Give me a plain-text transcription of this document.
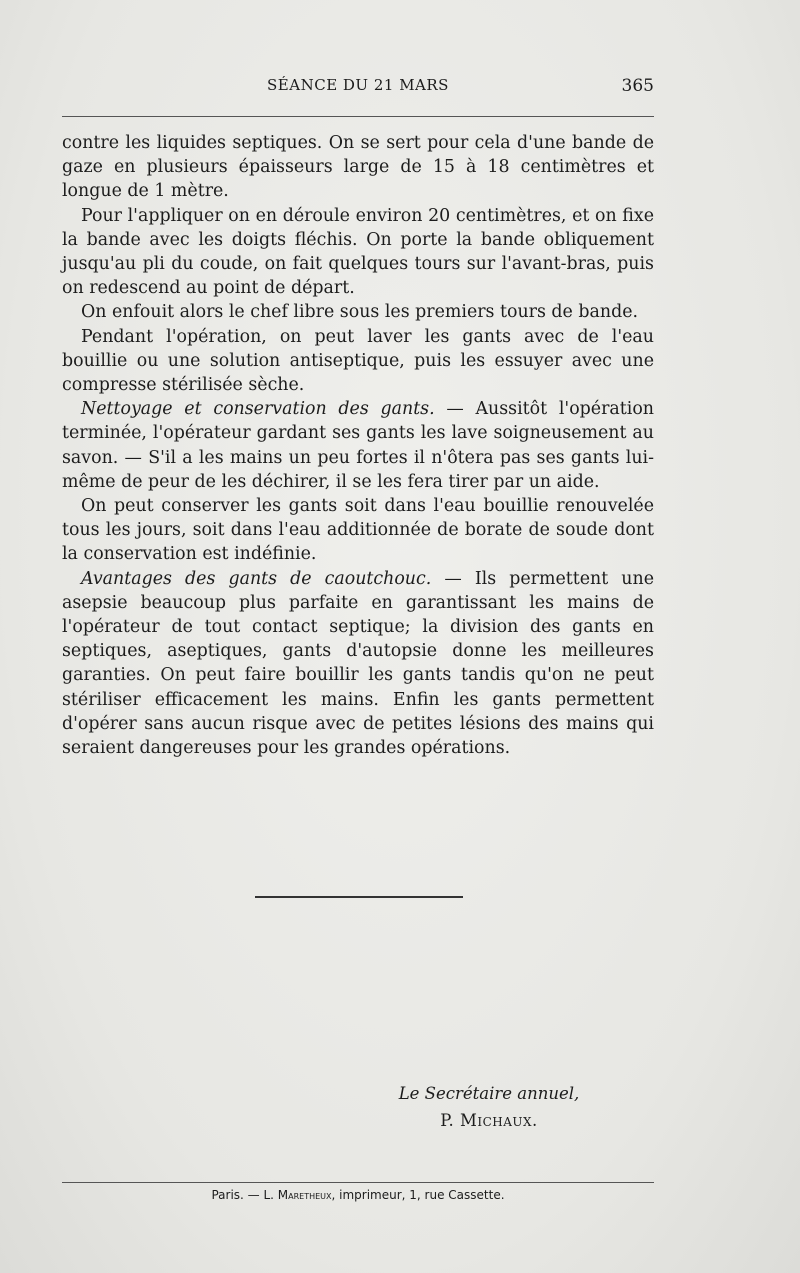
SÉANCE DU 21 MARS	365

contre les liquides septiques. On se sert pour cela d'une bande de gaze en plusieurs épaisseurs large de 15 à 18 centimètres et longue de 1 mètre.

Pour l'appliquer on en déroule environ 20 centimètres, et on fixe la bande avec les doigts fléchis. On porte la bande obliquement jusqu'au pli du coude, on fait quelques tours sur l'avant-bras, puis on redescend au point de départ.

On enfouit alors le chef libre sous les premiers tours de bande.

Pendant l'opération, on peut laver les gants avec de l'eau bouillie ou une solution antiseptique, puis les essuyer avec une compresse stérilisée sèche.

Nettoyage et conservation des gants. — Aussitôt l'opération terminée, l'opérateur gardant ses gants les lave soigneusement au savon. — S'il a les mains un peu fortes il n'ôtera pas ses gants lui-même de peur de les déchirer, il se les fera tirer par un aide.

On peut conserver les gants soit dans l'eau bouillie renouvelée tous les jours, soit dans l'eau additionnée de borate de soude dont la conservation est indéfinie.

Avantages des gants de caoutchouc. — Ils permettent une asepsie beaucoup plus parfaite en garantissant les mains de l'opérateur de tout contact septique; la division des gants en septiques, aseptiques, gants d'autopsie donne les meilleures garanties. On peut faire bouillir les gants tandis qu'on ne peut stériliser efficacement les mains. Enfin les gants permettent d'opérer sans aucun risque avec de petites lésions des mains qui seraient dangereuses pour les grandes opérations.

Le Secrétaire annuel,
P. Michaux.
Paris. — L. Maretheux, imprimeur, 1, rue Cassette.
